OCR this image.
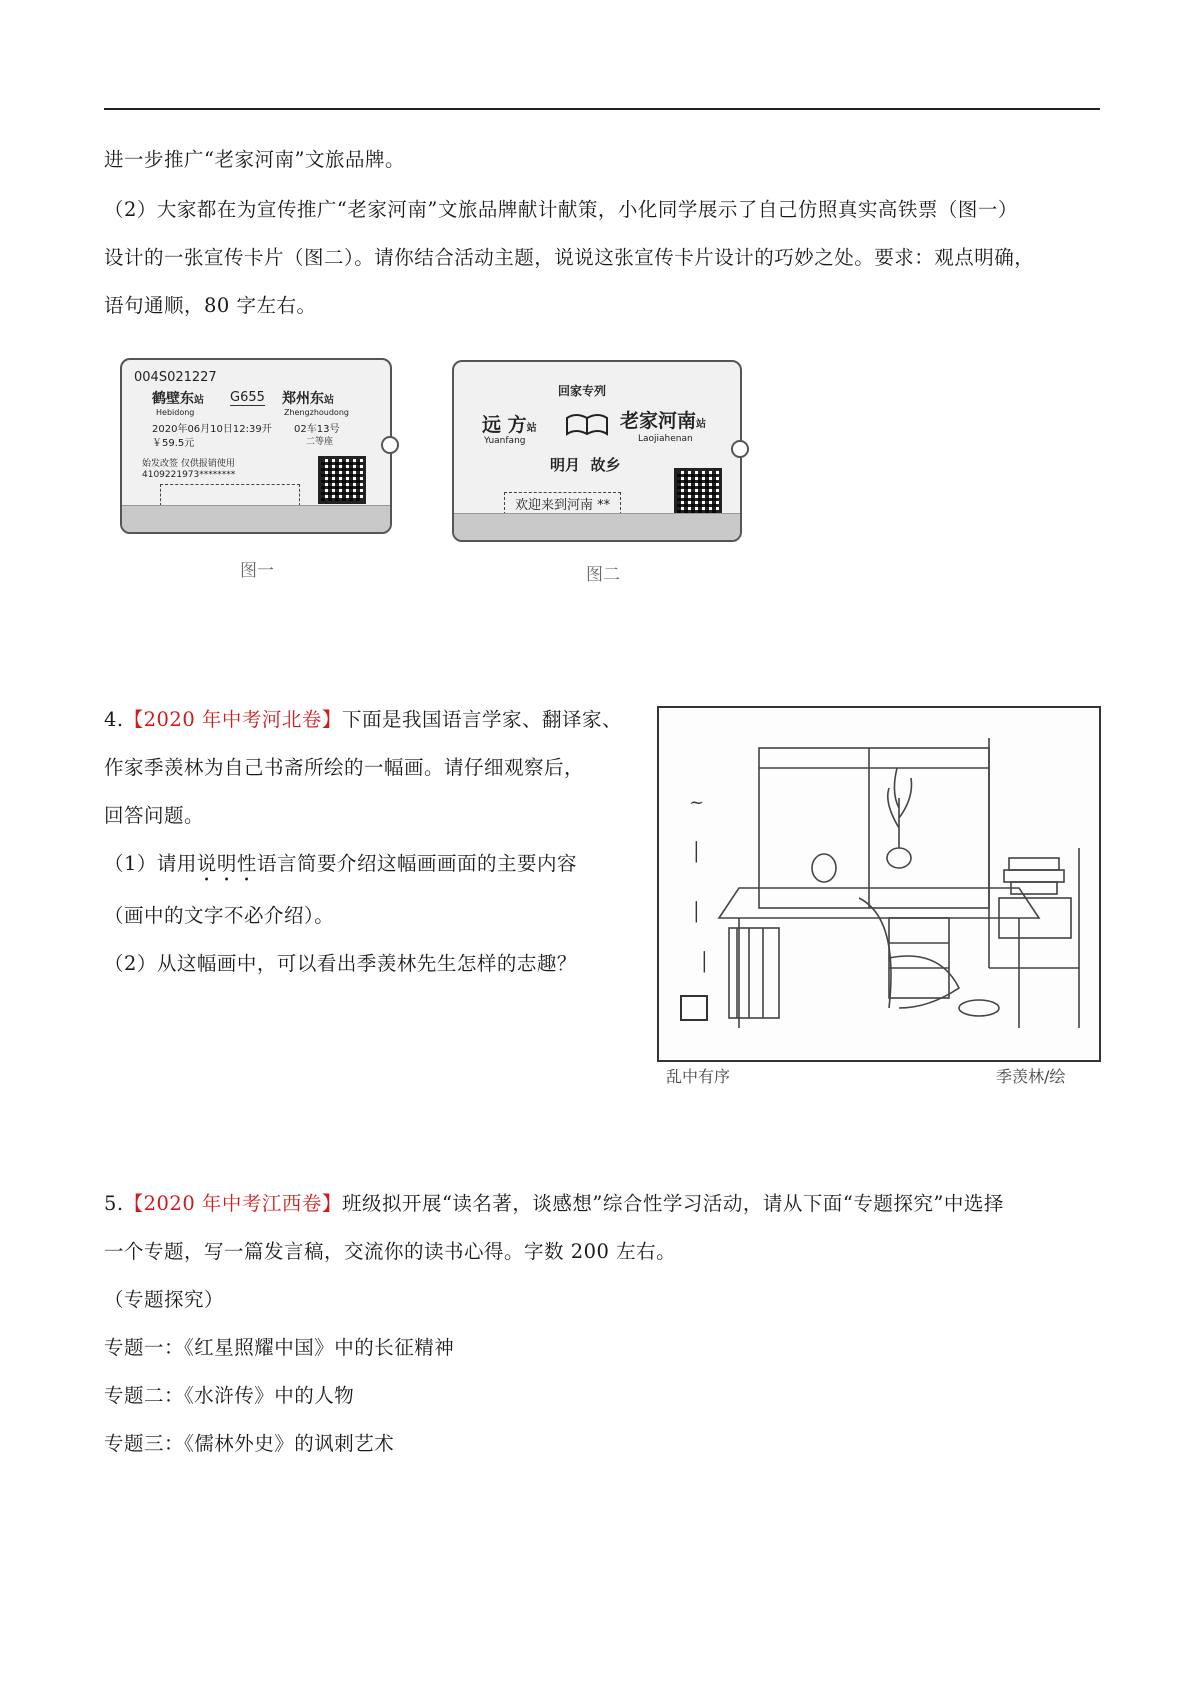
进一步推广“老家河南”文旅品牌。
（2）大家都在为宣传推广“老家河南”文旅品牌献计献策，小化同学展示了自己仿照真实高铁票（图一）
设计的一张宣传卡片（图二）。请你结合活动主题，说说这张宣传卡片设计的巧妙之处。要求：观点明确，
语句通顺，80 字左右。
004S021227
鹤壁东站
Hebidong
G655 郑州东站
Zhengzhoudong
2020年06月10日12:39开 02车13号
￥59.5元	二等座
始发改签 仅供报销使用
4109221973********
图一
回家专列
远 方站
Yuanfang
老家河南站
Laojiahenan
明月  故乡
欢迎来到河南 **
图二
4.【2020 年中考河北卷】下面是我国语言学家、翻译家、
作家季羡林为自己书斋所绘的一幅画。请仔细观察后，
回答问题。
（1）请用说明性语言简要介绍这幅画画面的主要内容
（画中的文字不必介绍）。
（2）从这幅画中，可以看出季羡林先生怎样的志趣？
~
│
│
│
乱中有序	季羡林/绘
5.【2020 年中考江西卷】班级拟开展“读名著，谈感想”综合性学习活动，请从下面“专题探究”中选择
一个专题，写一篇发言稿，交流你的读书心得。字数 200 左右。
（专题探究）
专题一：《红星照耀中国》中的长征精神
专题二：《水浒传》中的人物
专题三：《儒林外史》的讽刺艺术
